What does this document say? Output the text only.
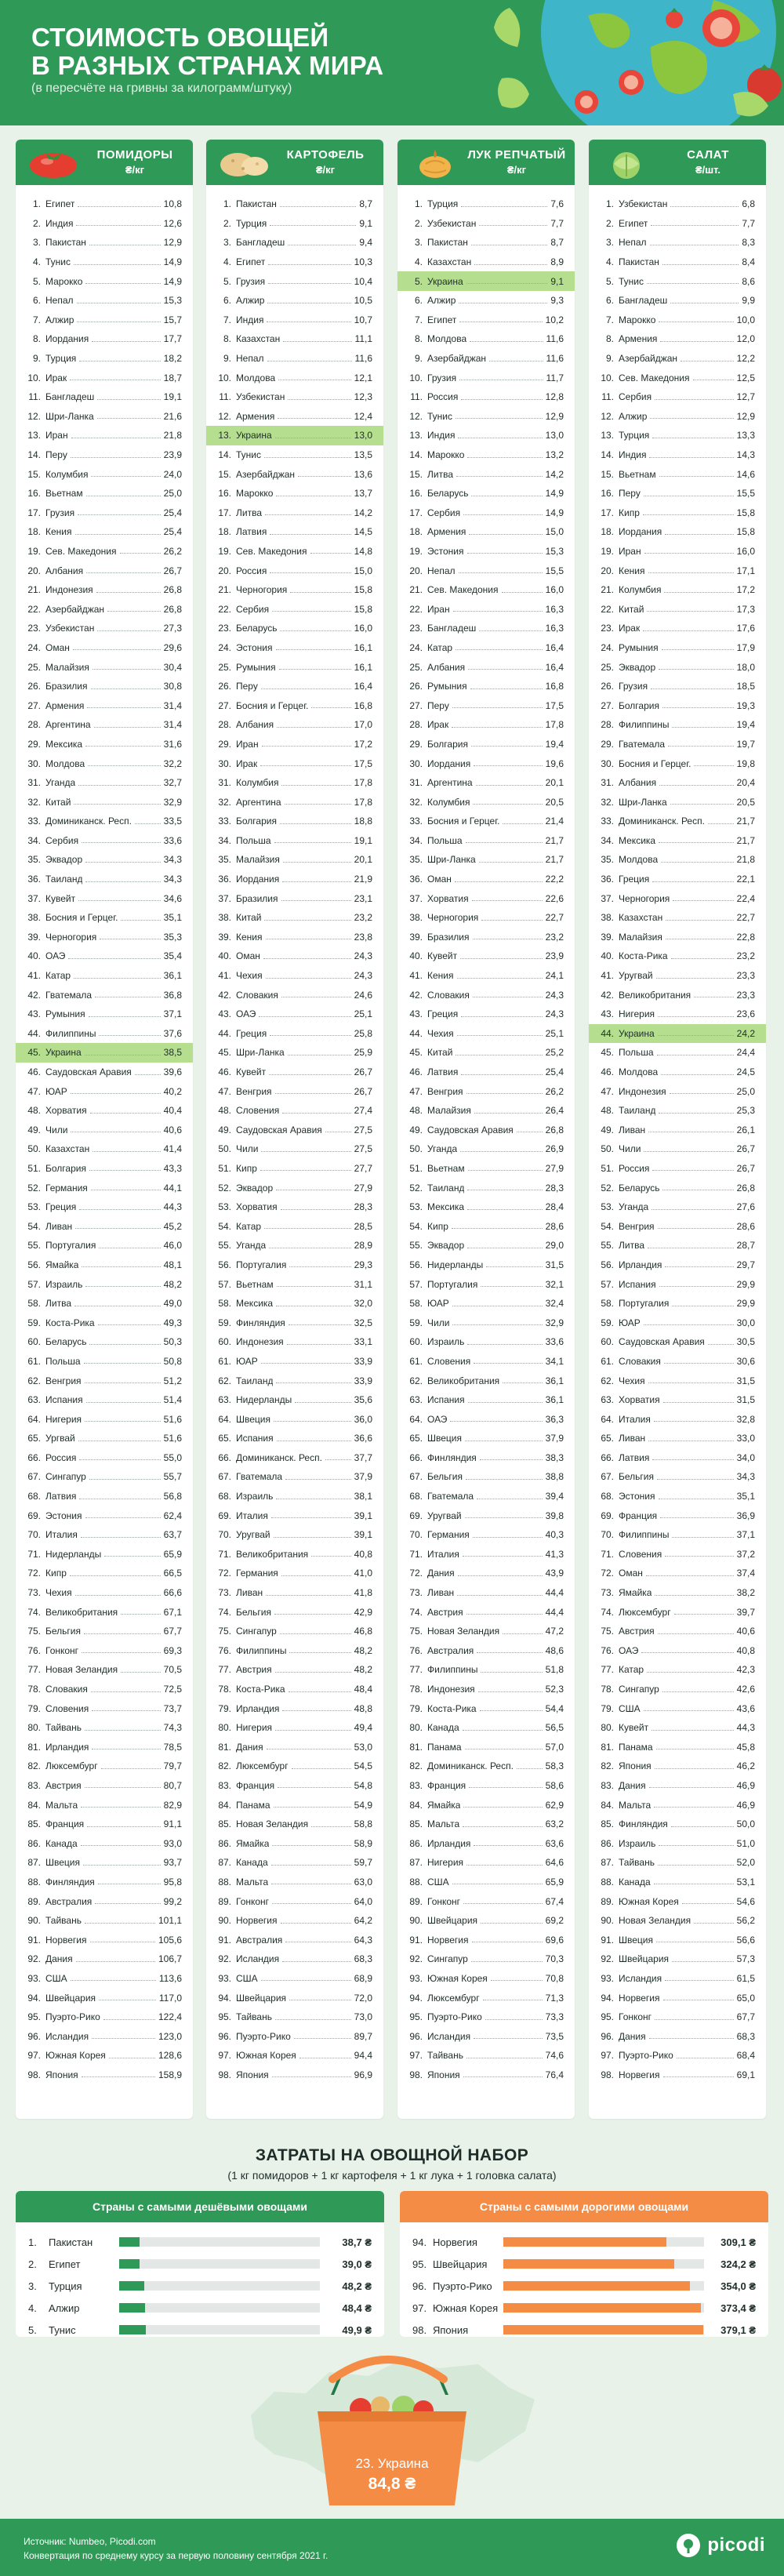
СТОИМОСТЬ ОВОЩЕЙ
В РАЗНЫХ СТРАНАХ МИРА
(в пересчёте на гривны за килограмм/штуку)
ПОМИДОРЫ
₴/кг
1. Египет	10,8
2. Индия	12,6
3. Пакистан	12,9
4. Тунис	14,9
5. Марокко	14,9
6. Непал	15,3
7. Алжир	15,7
8. Иордания	17,7
9. Турция	18,2
10. Ирак	18,7
11. Бангладеш	19,1
12. Шри-Ланка	21,6
13. Иран	21,8
14. Перу	23,9
15. Колумбия	24,0
16. Вьетнам	25,0
17. Грузия	25,4
18. Кения	25,4
19. Сев. Македония	26,2
20. Албания	26,7
21. Индонезия	26,8
22. Азербайджан	26,8
23. Узбекистан	27,3
24. Оман	29,6
25. Малайзия	30,4
26. Бразилия	30,8
27. Армения	31,4
28. Аргентина	31,4
29. Мексика	31,6
30. Молдова	32,2
31. Уганда	32,7
32. Китай	32,9
33. Доминиканск. Респ.	33,5
34. Сербия	33,6
35. Эквадор	34,3
36. Таиланд	34,3
37. Кувейт	34,6
38. Босния и Герцег.	35,1
39. Черногория	35,3
40. ОАЭ	35,4
41. Катар	36,1
42. Гватемала	36,8
43. Румыния	37,1
44. Филиппины	37,6
45. Украина	38,5
46. Саудовская Аравия	39,6
47. ЮАР	40,2
48. Хорватия	40,4
49. Чили	40,6
50. Казахстан	41,4
51. Болгария	43,3
52. Германия	44,1
53. Греция	44,3
54. Ливан	45,2
55. Португалия	46,0
56. Ямайка	48,1
57. Израиль	48,2
58. Литва	49,0
59. Коста-Рика	49,3
60. Беларусь	50,3
61. Польша	50,8
62. Венгрия	51,2
63. Испания	51,4
64. Нигерия	51,6
65. Ургвай	51,6
66. Россия	55,0
67. Сингапур	55,7
68. Латвия	56,8
69. Эстония	62,4
70. Италия	63,7
71. Нидерланды	65,9
72. Кипр	66,5
73. Чехия	66,6
74. Великобритания	67,1
75. Бельгия	67,7
76. Гонконг	69,3
77. Новая Зеландия	70,5
78. Словакия	72,5
79. Словения	73,7
80. Тайвань	74,3
81. Ирландия	78,5
82. Люксембург	79,7
83. Австрия	80,7
84. Мальта	82,9
85. Франция	91,1
86. Канада	93,0
87. Швеция	93,7
88. Финляндия	95,8
89. Австралия	99,2
90. Тайвань	101,1
91. Норвегия	105,6
92. Дания	106,7
93. США	113,6
94. Швейцария	117,0
95. Пуэрто-Рико	122,4
96. Исландия	123,0
97. Южная Корея	128,6
98. Япония	158,9
КАРТОФЕЛЬ
₴/кг
1. Пакистан	8,7
2. Турция	9,1
3. Бангладеш	9,4
4. Египет	10,3
5. Грузия	10,4
6. Алжир	10,5
7. Индия	10,7
8. Казахстан	11,1
9. Непал	11,6
10. Молдова	12,1
11. Узбекистан	12,3
12. Армения	12,4
13. Украина	13,0
14. Тунис	13,5
15. Азербайджан	13,6
16. Марокко	13,7
17. Литва	14,2
18. Латвия	14,5
19. Сев. Македония	14,8
20. Россия	15,0
21. Черногория	15,8
22. Сербия	15,8
23. Беларусь	16,0
24. Эстония	16,1
25. Румыния	16,1
26. Перу	16,4
27. Босния и Герцег.	16,8
28. Албания	17,0
29. Иран	17,2
30. Ирак	17,5
31. Колумбия	17,8
32. Аргентина	17,8
33. Болгария	18,8
34. Польша	19,1
35. Малайзия	20,1
36. Иордания	21,9
37. Бразилия	23,1
38. Китай	23,2
39. Кения	23,8
40. Оман	24,3
41. Чехия	24,3
42. Словакия	24,6
43. ОАЭ	25,1
44. Греция	25,8
45. Шри-Ланка	25,9
46. Кувейт	26,7
47. Венгрия	26,7
48. Словения	27,4
49. Саудовская Аравия	27,5
50. Чили	27,5
51. Кипр	27,7
52. Эквадор	27,9
53. Хорватия	28,3
54. Катар	28,5
55. Уганда	28,9
56. Португалия	29,3
57. Вьетнам	31,1
58. Мексика	32,0
59. Финляндия	32,5
60. Индонезия	33,1
61. ЮАР	33,9
62. Таиланд	33,9
63. Нидерланды	35,6
64. Швеция	36,0
65. Испания	36,6
66. Доминиканск. Респ.	37,7
67. Гватемала	37,9
68. Израиль	38,1
69. Италия	39,1
70. Уругвай	39,1
71. Великобритания	40,8
72. Германия	41,0
73. Ливан	41,8
74. Бельгия	42,9
75. Сингапур	46,8
76. Филиппины	48,2
77. Австрия	48,2
78. Коста-Рика	48,4
79. Ирландия	48,8
80. Нигерия	49,4
81. Дания	53,0
82. Люксембург	54,5
83. Франция	54,8
84. Панама	54,9
85. Новая Зеландия	58,8
86. Ямайка	58,9
87. Канада	59,7
88. Мальта	63,0
89. Гонконг	64,0
90. Норвегия	64,2
91. Австралия	64,3
92. Исландия	68,3
93. США	68,9
94. Швейцария	72,0
95. Тайвань	73,0
96. Пуэрто-Рико	89,7
97. Южная Корея	94,4
98. Япония	96,9
ЛУК РЕПЧАТЫЙ
₴/кг
1. Турция	7,6
2. Узбекистан	7,7
3. Пакистан	8,7
4. Казахстан	8,9
5. Украина	9,1
6. Алжир	9,3
7. Египет	10,2
8. Молдова	11,6
9. Азербайджан	11,6
10. Грузия	11,7
11. Россия	12,8
12. Тунис	12,9
13. Индия	13,0
14. Марокко	13,2
15. Литва	14,2
16. Беларусь	14,9
17. Сербия	14,9
18. Армения	15,0
19. Эстония	15,3
20. Непал	15,5
21. Сев. Македония	16,0
22. Иран	16,3
23. Бангладеш	16,3
24. Катар	16,4
25. Албания	16,4
26. Румыния	16,8
27. Перу	17,5
28. Ирак	17,8
29. Болгария	19,4
30. Иордания	19,6
31. Аргентина	20,1
32. Колумбия	20,5
33. Босния и Герцег.	21,4
34. Польша	21,7
35. Шри-Ланка	21,7
36. Оман	22,2
37. Хорватия	22,6
38. Черногория	22,7
39. Бразилия	23,2
40. Кувейт	23,9
41. Кения	24,1
42. Словакия	24,3
43. Греция	24,3
44. Чехия	25,1
45. Китай	25,2
46. Латвия	25,4
47. Венгрия	26,2
48. Малайзия	26,4
49. Саудовская Аравия	26,8
50. Уганда	26,9
51. Вьетнам	27,9
52. Таиланд	28,3
53. Мексика	28,4
54. Кипр	28,6
55. Эквадор	29,0
56. Нидерланды	31,5
57. Португалия	32,1
58. ЮАР	32,4
59. Чили	32,9
60. Израиль	33,6
61. Словения	34,1
62. Великобритания	36,1
63. Испания	36,1
64. ОАЭ	36,3
65. Швеция	37,9
66. Финляндия	38,3
67. Бельгия	38,8
68. Гватемала	39,4
69. Уругвай	39,8
70. Германия	40,3
71. Италия	41,3
72. Дания	43,9
73. Ливан	44,4
74. Австрия	44,4
75. Новая Зеландия	47,2
76. Австралия	48,6
77. Филиппины	51,8
78. Индонезия	52,3
79. Коста-Рика	54,4
80. Канада	56,5
81. Панама	57,0
82. Доминиканск. Респ.	58,3
83. Франция	58,6
84. Ямайка	62,9
85. Мальта	63,2
86. Ирландия	63,6
87. Нигерия	64,6
88. США	65,9
89. Гонконг	67,4
90. Швейцария	69,2
91. Норвегия	69,6
92. Сингапур	70,3
93. Южная Корея	70,8
94. Люксембург	71,3
95. Пуэрто-Рико	73,3
96. Исландия	73,5
97. Тайвань	74,6
98. Япония	76,4
САЛАТ
₴/шт.
1. Узбекистан	6,8
2. Египет	7,7
3. Непал	8,3
4. Пакистан	8,4
5. Тунис	8,6
6. Бангладеш	9,9
7. Марокко	10,0
8. Армения	12,0
9. Азербайджан	12,2
10. Сев. Македония	12,5
11. Сербия	12,7
12. Алжир	12,9
13. Турция	13,3
14. Индия	14,3
15. Вьетнам	14,6
16. Перу	15,5
17. Кипр	15,8
18. Иордания	15,8
19. Иран	16,0
20. Кения	17,1
21. Колумбия	17,2
22. Китай	17,3
23. Ирак	17,6
24. Румыния	17,9
25. Эквадор	18,0
26. Грузия	18,5
27. Болгария	19,3
28. Филиппины	19,4
29. Гватемала	19,7
30. Босния и Герцег.	19,8
31. Албания	20,4
32. Шри-Ланка	20,5
33. Доминиканск. Респ.	21,7
34. Мексика	21,7
35. Молдова	21,8
36. Греция	22,1
37. Черногория	22,4
38. Казахстан	22,7
39. Малайзия	22,8
40. Коста-Рика	23,2
41. Уругвай	23,3
42. Великобритания	23,3
43. Нигерия	23,6
44. Украина	24,2
45. Польша	24,4
46. Молдова	24,5
47. Индонезия	25,0
48. Таиланд	25,3
49. Ливан	26,1
50. Чили	26,7
51. Россия	26,7
52. Беларусь	26,8
53. Уганда	27,6
54. Венгрия	28,6
55. Литва	28,7
56. Ирландия	29,7
57. Испания	29,9
58. Португалия	29,9
59. ЮАР	30,0
60. Саудовская Аравия	30,5
61. Словакия	30,6
62. Чехия	31,5
63. Хорватия	31,5
64. Италия	32,8
65. Ливан	33,0
66. Латвия	34,0
67. Бельгия	34,3
68. Эстония	35,1
69. Франция	36,9
70. Филиппины	37,1
71. Словения	37,2
72. Оман	37,4
73. Ямайка	38,2
74. Люксембург	39,7
75. Австрия	40,6
76. ОАЭ	40,8
77. Катар	42,3
78. Сингапур	42,6
79. США	43,6
80. Кувейт	44,3
81. Панама	45,8
82. Япония	46,2
83. Дания	46,9
84. Мальта	46,9
85. Финляндия	50,0
86. Израиль	51,0
87. Тайвань	52,0
88. Канада	53,1
89. Южная Корея	54,6
90. Новая Зеландия	56,2
91. Швеция	56,6
92. Швейцария	57,3
93. Исландия	61,5
94. Норвегия	65,0
95. Гонконг	67,7
96. Дания	68,3
97. Пуэрто-Рико	68,4
98. Норвегия	69,1
ЗАТРАТЫ НА ОВОЩНОЙ НАБОР
(1 кг помидоров + 1 кг картофеля + 1 кг лука + 1 головка салата)
Страны с самыми дешёвыми овощами
1.	Пакистан	38,7 ₴
2.	Египет	39,0 ₴
3.	Турция	48,2 ₴
4.	Алжир	48,4 ₴
5.	Тунис	49,9 ₴
Страны с самыми дорогими овощами
94. Норвегия	309,1 ₴
95. Швейцария	324,2 ₴
96. Пуэрто-Рико	354,0 ₴
97. Южная Корея	373,4 ₴
98. Япония	379,1 ₴
23. Украина
84,8 ₴
Источник: Numbeo, Picodi.com
Конвертация по среднему курсу за первую половину сентября 2021 г.	picodi
